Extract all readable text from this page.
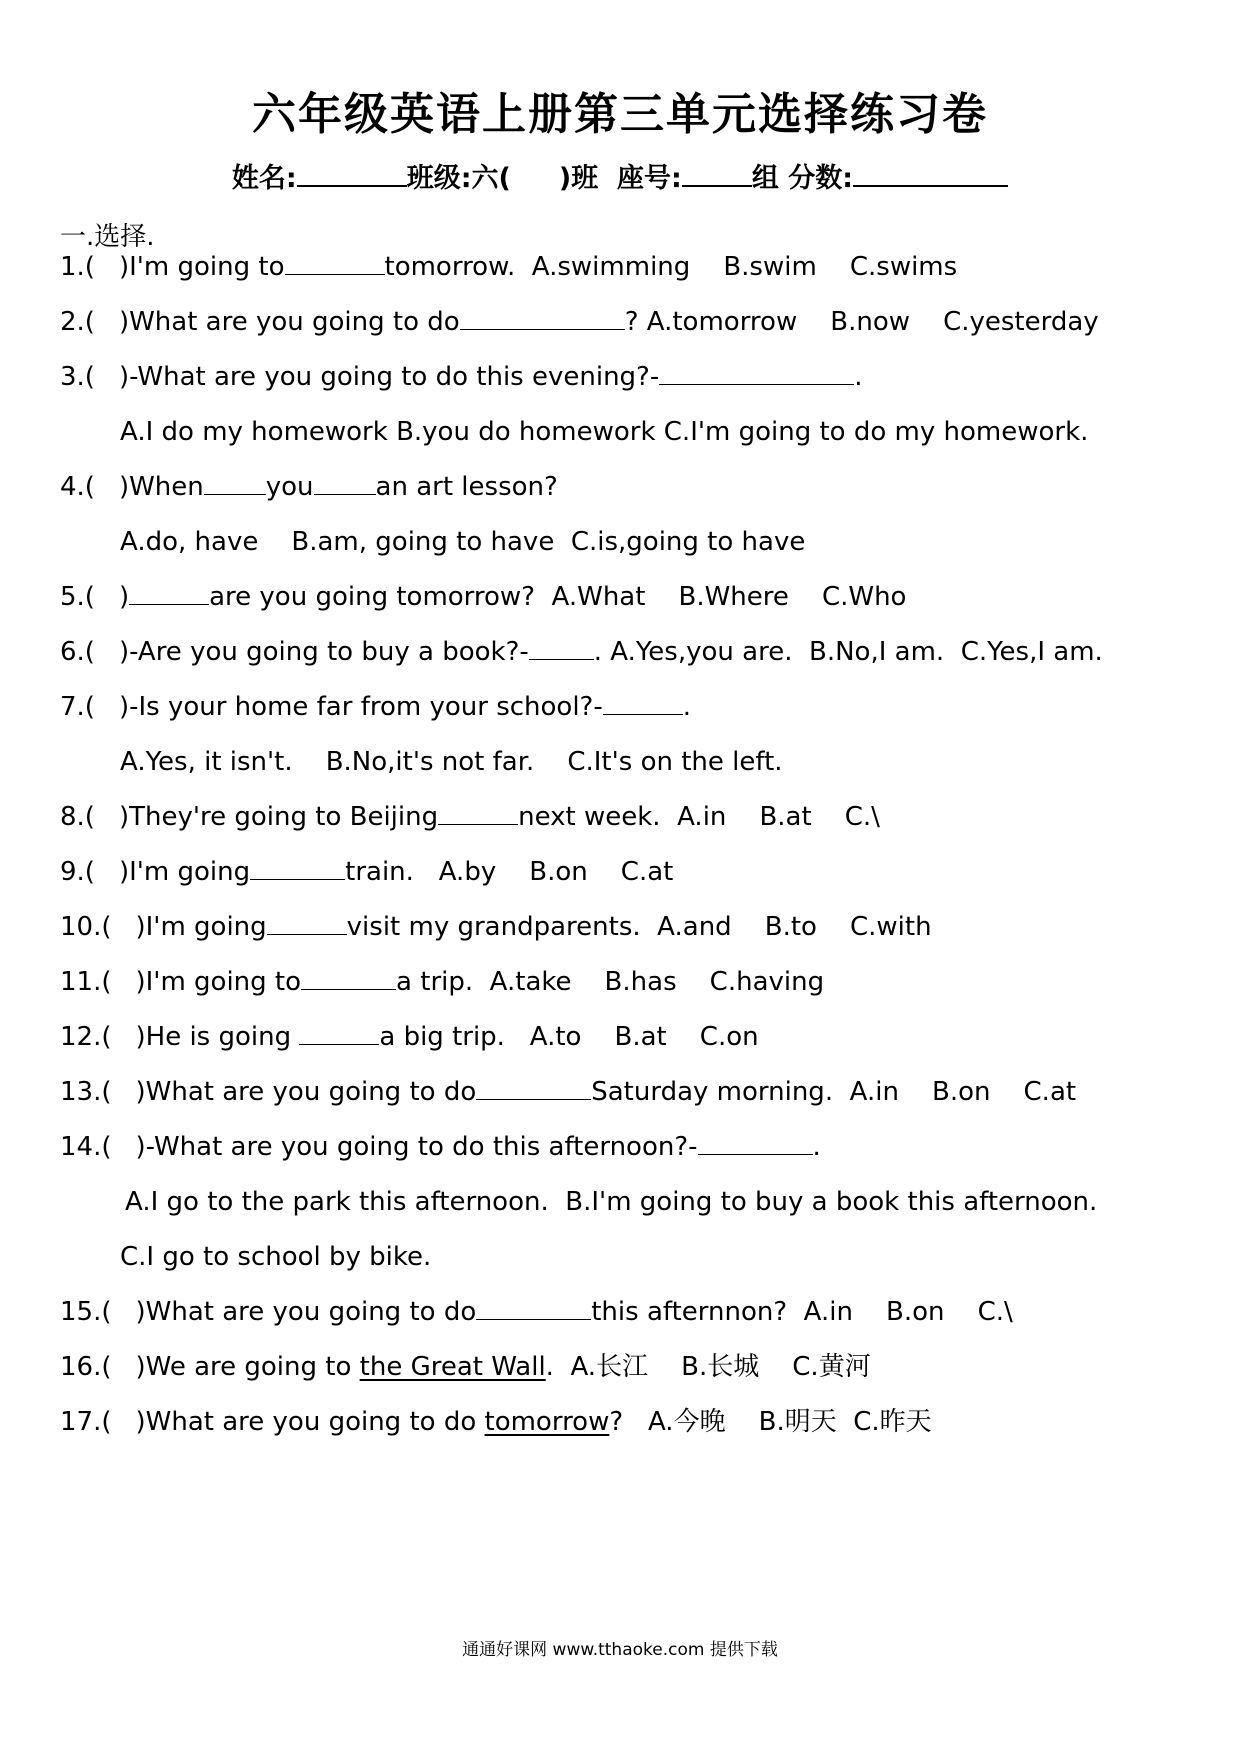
六年级英语上册第三单元选择练习卷
姓名:	班级:六( )班 座号:	组 分数:
一.选择.
1.( )I'm going to	tomorrow. A.swimming    B.swim    C.swims
2.( )What are you going to do	? A.tomorrow    B.now    C.yesterday
3.( )-What are you going to do this evening?-	.
A.I do my homework B.you do homework C.I'm going to do my homework.
4.( )When you an art lesson?
A.do, have    B.am, going to have  C.is,going to have
5.( )	are you going tomorrow? A.What    B.Where    C.Who
6.( )-Are you going to buy a book?-	. A.Yes,you are.  B.No,I am.  C.Yes,I am.
7.( )-Is your home far from your school?-	.
A.Yes, it isn't.    B.No,it's not far.    C.It's on the left.
8.( )They're going to Beijing	next week. A.in    B.at    C.\
9.( )I'm going	train. A.by    B.on    C.at
10.( )I'm going	visit my grandparents. A.and    B.to    C.with
11.( )I'm going to	a trip. A.take    B.has    C.having
12.( )He is going	a big trip. A.to    B.at    C.on
13.( )What are you going to do	Saturday morning. A.in    B.on    C.at
14.( )-What are you going to do this afternoon?-	.
A.I go to the park this afternoon.  B.I'm going to buy a book this afternoon.
C.I go to school by bike.
15.( )What are you going to do	this afternnon? A.in    B.on    C.\
16.( )We are going to the Great Wall. A.长江    B.长城    C.黄河
17.( )What are you going to do tomorrow? A.今晚    B.明天  C.昨天
通通好课网 www.tthaoke.com 提供下载
